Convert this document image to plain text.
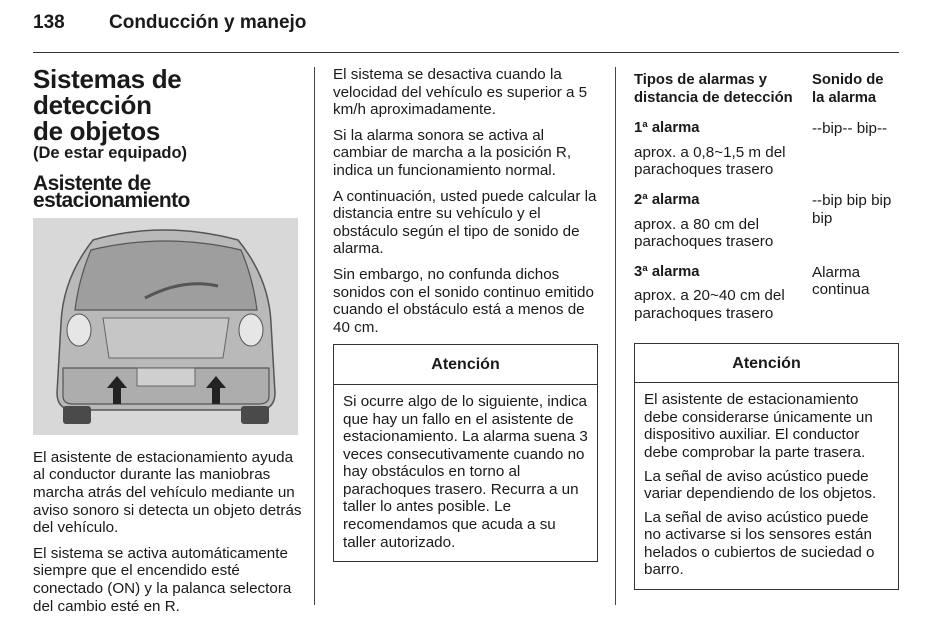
138 Conducción y manejo
Sistemas de detección
de objetos
(De estar equipado)
Asistente de estacionamiento

El asistente de estacionamiento ayuda al conductor durante las maniobras marcha atrás del vehículo mediante un aviso sonoro si detecta un objeto detrás del vehículo.

El sistema se activa automáticamente siempre que el encendido esté conectado (ON) y la palanca selectora del cambio esté en R.

El sistema se desactiva cuando la velocidad del vehículo es superior a 5 km/h aproximadamente.

Si la alarma sonora se activa al cambiar de marcha a la posición R, indica un funcionamiento normal.

A continuación, usted puede calcular la distancia entre su vehículo y el obstáculo según el tipo de sonido de alarma.

Sin embargo, no confunda dichos sonidos con el sonido continuo emitido cuando el obstáculo está a menos de 40 cm.

Atención

Si ocurre algo de lo siguiente, indica que hay un fallo en el asistente de estacionamiento. La alarma suena 3 veces consecutivamente cuando no hay obstáculos en torno al parachoques trasero. Recurra a un taller lo antes posible. Le recomendamos que acuda a su taller autorizado.

Tipos de alarmas y distancia de detección
Sonido de la alarma
1ª alarma
aprox. a 0,8~1,5 m del parachoques trasero
--bip-- bip--
2ª alarma
aprox. a 80 cm del parachoques trasero
--bip bip bip bip
3ª alarma
aprox. a 20~40 cm del parachoques trasero
Alarma continua
Atención

El asistente de estacionamiento debe considerarse únicamente un dispositivo auxiliar. El conductor debe comprobar la parte trasera.

La señal de aviso acústico puede variar dependiendo de los objetos.

La señal de aviso acústico puede no activarse si los sensores están helados o cubiertos de suciedad o barro.
